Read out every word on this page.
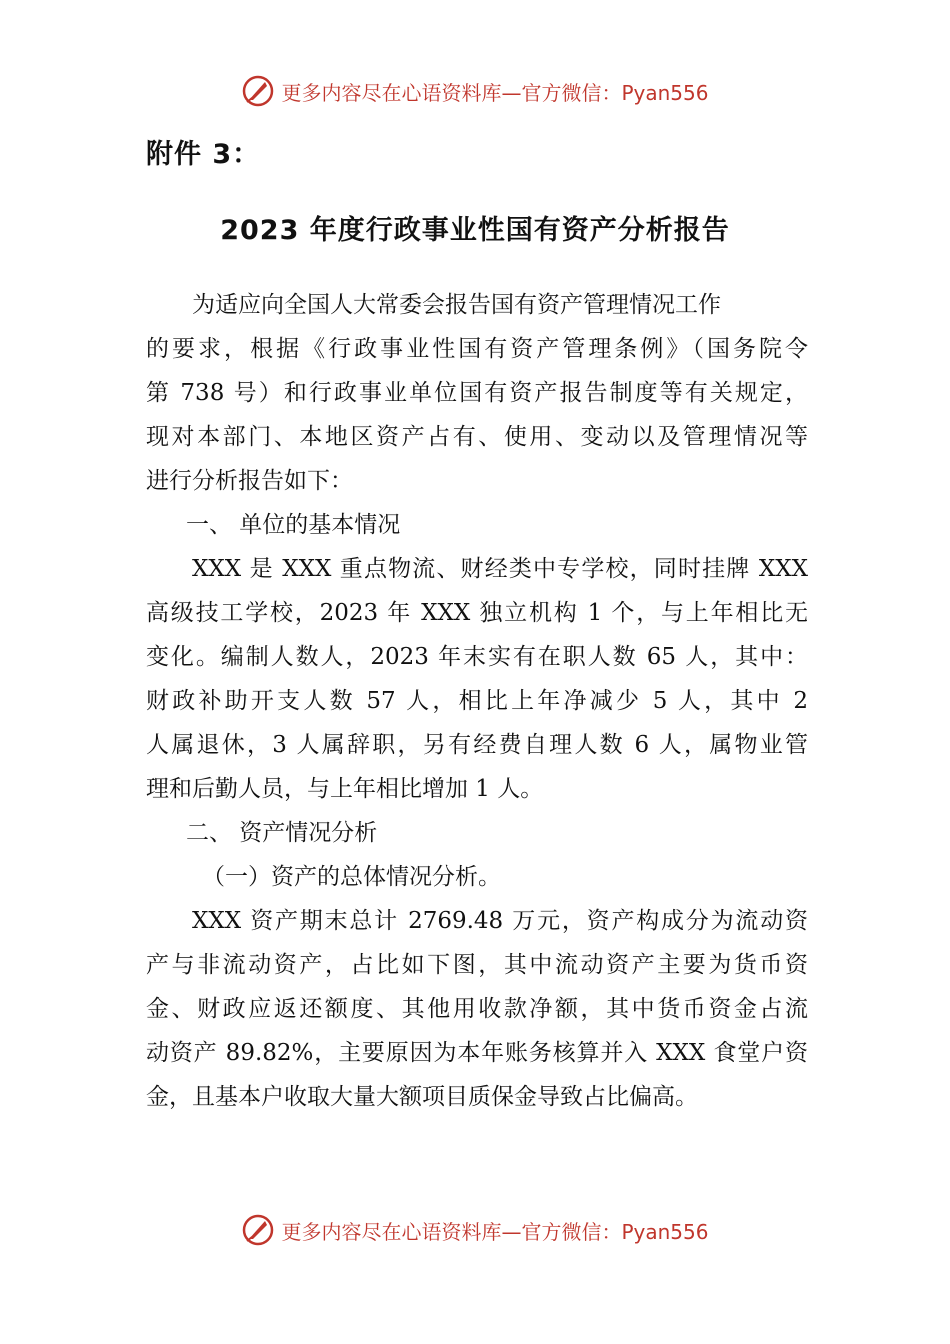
更多内容尽在心语资料库—官方微信：Pyan556
附件 3：
2023 年度行政事业性国有资产分析报告
为适应向全国人大常委会报告国有资产管理情况工作
的要求，根据《行政事业性国有资产管理条例》（国务院令
第 738 号）和行政事业单位国有资产报告制度等有关规定，
现对本部门、本地区资产占有、使用、变动以及管理情况等
进行分析报告如下：
一、 单位的基本情况
XXX 是 XXX 重点物流、财经类中专学校，同时挂牌 XXX
高级技工学校，2023 年 XXX 独立机构 1 个，与上年相比无
变化。编制人数人，2023 年末实有在职人数 65 人，其中：
财政补助开支人数 57 人，相比上年净减少 5 人，其中 2
人属退休，3 人属辞职，另有经费自理人数 6 人，属物业管
理和后勤人员，与上年相比增加 1 人。
二、 资产情况分析
（一）资产的总体情况分析。
XXX 资产期末总计 2769.48 万元，资产构成分为流动资
产与非流动资产，占比如下图，其中流动资产主要为货币资
金、财政应返还额度、其他用收款净额，其中货币资金占流
动资产 89.82%，主要原因为本年账务核算并入 XXX 食堂户资
金，且基本户收取大量大额项目质保金导致占比偏高。
更多内容尽在心语资料库—官方微信：Pyan556
